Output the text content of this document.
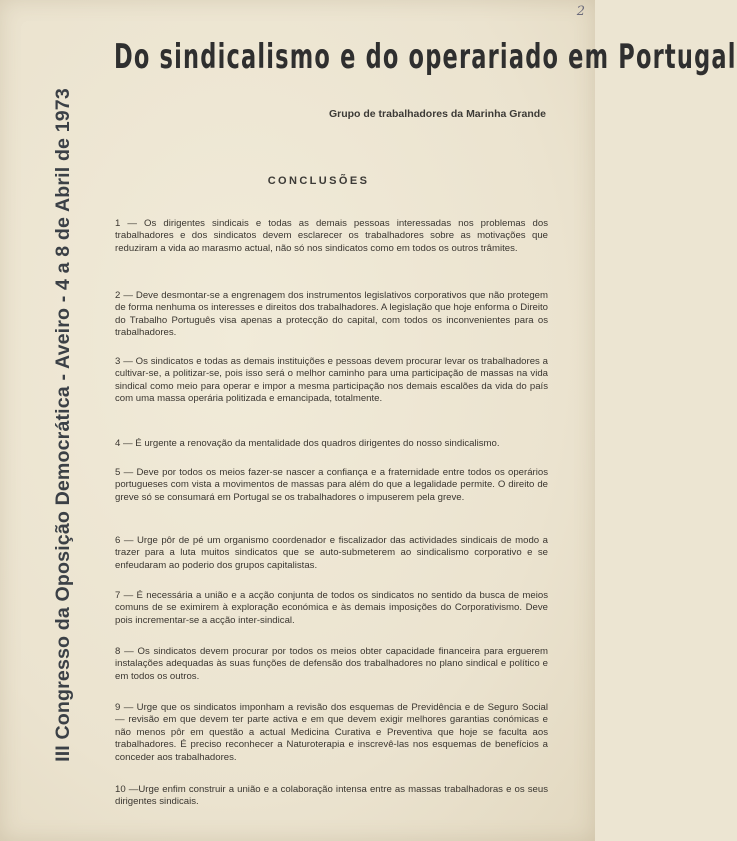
2
III Congresso da Oposição Democrática - Aveiro - 4 a 8 de Abril de 1973
Do sindicalismo e do operariado em Portugal
Grupo de trabalhadores da Marinha Grande
CONCLUSÕES
1 — Os dirigentes sindicais e todas as demais pessoas interessadas nos problemas dos trabalhadores e dos sindicatos devem esclarecer os trabalhadores sobre as motivações que reduziram a vida ao marasmo actual, não só nos sindicatos como em todos os outros trâmites.
2 — Deve desmontar-se a engrenagem dos instrumentos legislativos corporativos que não protegem de forma nenhuma os interesses e direitos dos trabalhadores. A legislação que hoje enforma o Direito do Trabalho Português visa apenas a protecção do capital, com todos os inconvenientes para os trabalhadores.
3 — Os sindicatos e todas as demais instituições e pessoas devem procurar levar os trabalhadores a cultivar-se, a politizar-se, pois isso será o melhor caminho para uma participação de massas na vida sindical como meio para operar e impor a mesma participação nos demais escalões da vida do país com uma massa operária politizada e emancipada, totalmente.
4 — É urgente a renovação da mentalidade dos quadros dirigentes do nosso sindicalismo.
5 — Deve por todos os meios fazer-se nascer a confiança e a fraternidade entre todos os operários portugueses com vista a movimentos de massas para além do que a legalidade permite. O direito de greve só se consumará em Portugal se os trabalhadores o impuserem pela greve.
6 — Urge pôr de pé um organismo coordenador e fiscalizador das actividades sindicais de modo a trazer para a luta muitos sindicatos que se auto-submeterem ao sindicalismo corporativo e se enfeudaram ao poderio dos grupos capitalistas.
7 — É necessária a união e a acção conjunta de todos os sindicatos no sentido da busca de meios comuns de se eximirem à exploração económica e às demais imposições do Corporativismo. Deve pois incrementar-se a acção inter-sindical.
8 — Os sindicatos devem procurar por todos os meios obter capacidade financeira para erguerem instalações adequadas às suas funções de defensão dos trabalhadores no plano sindical e político e em todos os outros.
9 — Urge que os sindicatos imponham a revisão dos esquemas de Previdência e de Seguro Social — revisão em que devem ter parte activa e em que devem exigir melhores garantias conómicas e não menos pôr em questão a actual Medicina Curativa e Preventiva que hoje se faculta aos trabalhadores. É preciso reconhecer a Naturoterapia e inscrevê-las nos esquemas de benefícios a conceder aos trabalhadores.
10 —Urge enfim construir a união e a colaboração intensa entre as massas trabalhadoras e os seus dirigentes sindicais.
